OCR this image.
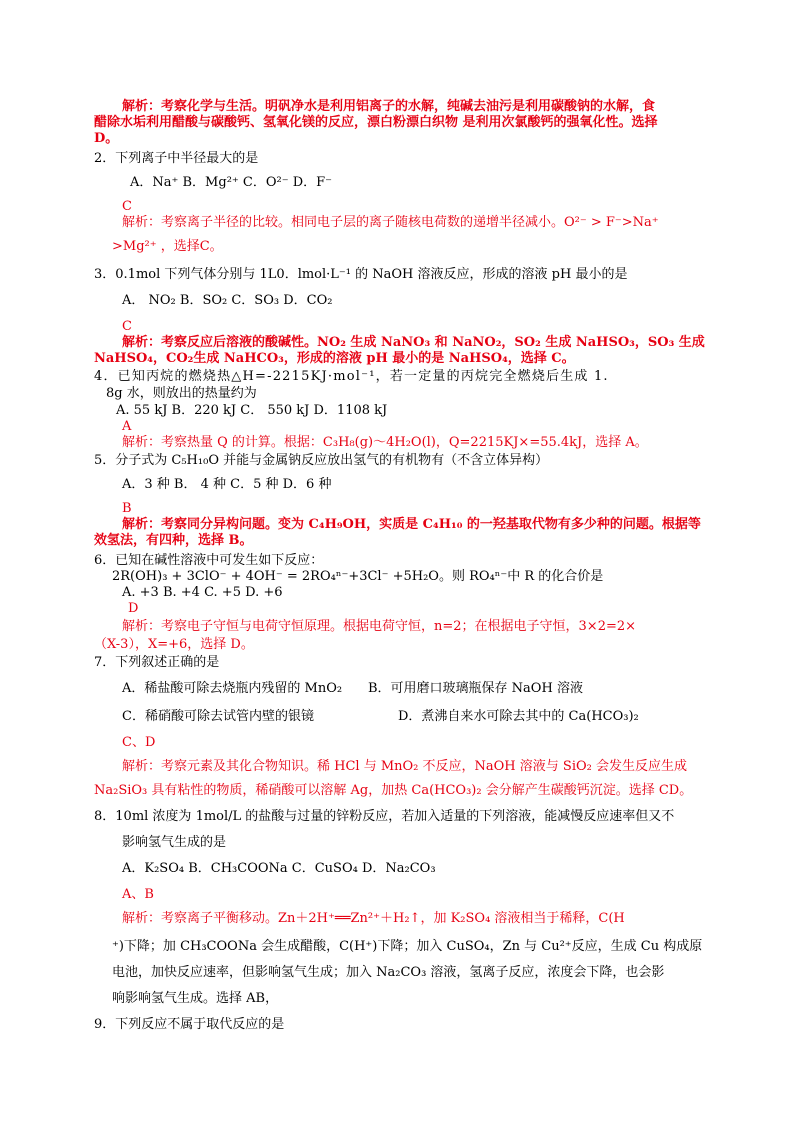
解析：考察化学与生活。明矾净水是利用铝离子的水解，纯碱去油污是利用碳酸钠的水解，食
醋除水垢利用醋酸与碳酸钙、氢氧化镁的反应，漂白粉漂白织物 是利用次氯酸钙的强氧化性。选择
D。
2．下列离子中半径最大的是
A．Na⁺ B．Mg²⁺ C．O²⁻ D．F⁻
C
解析：考察离子半径的比较。相同电子层的离子随核电荷数的递增半径减小。O²⁻ > F⁻>Na⁺
>Mg²⁺ ，选择C。
3．0.1mol 下列气体分别与 1L0．lmol·L⁻¹ 的 NaOH 溶液反应，形成的溶液 pH 最小的是
A． NO₂ B．SO₂ C．SO₃ D．CO₂
C
解析：考察反应后溶液的酸碱性。NO₂ 生成 NaNO₃ 和 NaNO₂，SO₂ 生成 NaHSO₃，SO₃ 生成
NaHSO₄，CO₂生成 NaHCO₃，形成的溶液 pH 最小的是 NaHSO₄，选择 C。
4．已知丙烷的燃烧热△H=-2215KJ·mol⁻¹，若一定量的丙烷完全燃烧后生成 1.
8g 水，则放出的热量约为
A. 55 kJ B．220 kJ C． 550 kJ D．1108 kJ
A
解析：考察热量 Q 的计算。根据：C₃H₈(g)～4H₂O(l)，Q=2215KJ×=55.4kJ，选择 A。
5．分子式为 C₅H₁₀O 并能与金属钠反应放出氢气的有机物有（不含立体异构）
A．3 种 B． 4 种 C．5 种 D．6 种
B
解析：考察同分异构问题。变为 C₄H₉OH，实质是 C₄H₁₀ 的一羟基取代物有多少种的问题。根据等
效氢法，有四种，选择 B。
6．已知在碱性溶液中可发生如下反应：
2R(OH)₃ + 3ClO⁻ + 4OH⁻ = 2RO₄ⁿ⁻+3Cl⁻ +5H₂O。则 RO₄ⁿ⁻中 R 的化合价是
A. +3 B. +4 C. +5 D. +6
D
解析：考察电子守恒与电荷守恒原理。根据电荷守恒，n=2；在根据电子守恒，3×2=2×
（X-3），X=+6，选择 D。
7．下列叙述正确的是
A．稀盐酸可除去烧瓶内残留的 MnO₂ B．可用磨口玻璃瓶保存 NaOH 溶液
C．稀硝酸可除去试管内壁的银镜	D．煮沸自来水可除去其中的 Ca(HCO₃)₂
C、D
解析：考察元素及其化合物知识。稀 HCl 与 MnO₂ 不反应，NaOH 溶液与 SiO₂ 会发生反应生成
Na₂SiO₃ 具有粘性的物质，稀硝酸可以溶解 Ag，加热 Ca(HCO₃)₂ 会分解产生碳酸钙沉淀。选择 CD。
8．10ml 浓度为 1mol/L 的盐酸与过量的锌粉反应，若加入适量的下列溶液，能减慢反应速率但又不
影响氢气生成的是
A．K₂SO₄ B．CH₃COONa C．CuSO₄ D．Na₂CO₃
A、B
解析：考察离子平衡移动。Zn＋2H⁺══Zn²⁺＋H₂↑，加 K₂SO₄ 溶液相当于稀释，C(H
⁺)下降；加 CH₃COONa 会生成醋酸，C(H⁺)下降；加入 CuSO₄，Zn 与 Cu²⁺反应，生成 Cu 构成原
电池，加快反应速率，但影响氢气生成；加入 Na₂CO₃ 溶液，氢离子反应，浓度会下降，也会影
响影响氢气生成。选择 AB，
9．下列反应不属于取代反应的是
